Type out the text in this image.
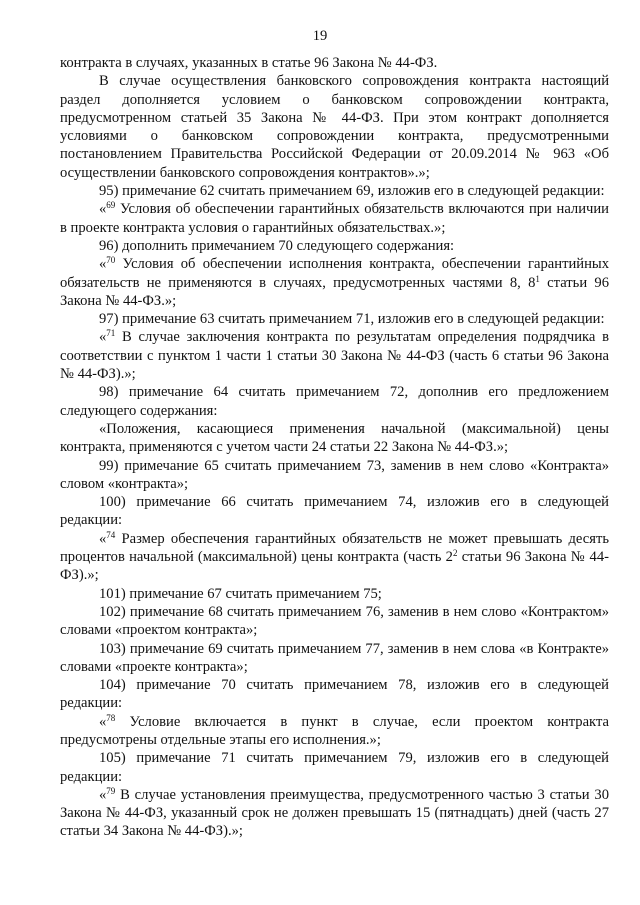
19

контракта в случаях, указанных в статье 96 Закона № 44-ФЗ.

В случае осуществления банковского сопровождения контракта настоящий раздел дополняется условием о банковском сопровождении контракта, предусмотренном статьей 35 Закона № 44-ФЗ. При этом контракт дополняется условиями о банковском сопровождении контракта, предусмотренными постановлением Правительства Российской Федерации от 20.09.2014 № 963 «Об осуществлении банковского сопровождения контрактов».»;

95) примечание 62 считать примечанием 69, изложив его в следующей редакции:

«$^{69}$ Условия об обеспечении гарантийных обязательств включаются при наличии в проекте контракта условия о гарантийных обязательствах.»;

96) дополнить примечанием 70 следующего содержания:

«$^{70}$ Условия об обеспечении исполнения контракта, обеспечении гарантийных обязательств не применяются в случаях, предусмотренных частями 8, $8^1$ статьи 96 Закона № 44-ФЗ.»;

97) примечание 63 считать примечанием 71, изложив его в следующей редакции:

«$^{71}$ В случае заключения контракта по результатам определения подрядчика в соответствии с пунктом 1 части 1 статьи 30 Закона № 44-ФЗ (часть 6 статьи 96 Закона № 44-ФЗ).»;

98) примечание 64 считать примечанием 72, дополнив его предложением следующего содержания:

«Положения, касающиеся применения начальной (максимальной) цены контракта, применяются с учетом части 24 статьи 22 Закона № 44-ФЗ.»;

99) примечание 65 считать примечанием 73, заменив в нем слово «Контракта» словом «контракта»;

100) примечание 66 считать примечанием 74, изложив его в следующей редакции:

«$^{74}$ Размер обеспечения гарантийных обязательств не может превышать десять процентов начальной (максимальной) цены контракта (часть $2^2$ статьи 96 Закона № 44-ФЗ).»;

101) примечание 67 считать примечанием 75;

102) примечание 68 считать примечанием 76, заменив в нем слово «Контрактом» словами «проектом контракта»;

103) примечание 69 считать примечанием 77, заменив в нем слова «в Контракте» словами «проекте контракта»;

104) примечание 70 считать примечанием 78, изложив его в следующей редакции:

«$^{78}$ Условие включается в пункт в случае, если проектом контракта предусмотрены отдельные этапы его исполнения.»;

105) примечание 71 считать примечанием 79, изложив его в следующей редакции:

«$^{79}$ В случае установления преимущества, предусмотренного частью 3 статьи 30 Закона № 44-ФЗ, указанный срок не должен превышать 15 (пятнадцать) дней (часть 27 статьи 34 Закона № 44-ФЗ).»;
